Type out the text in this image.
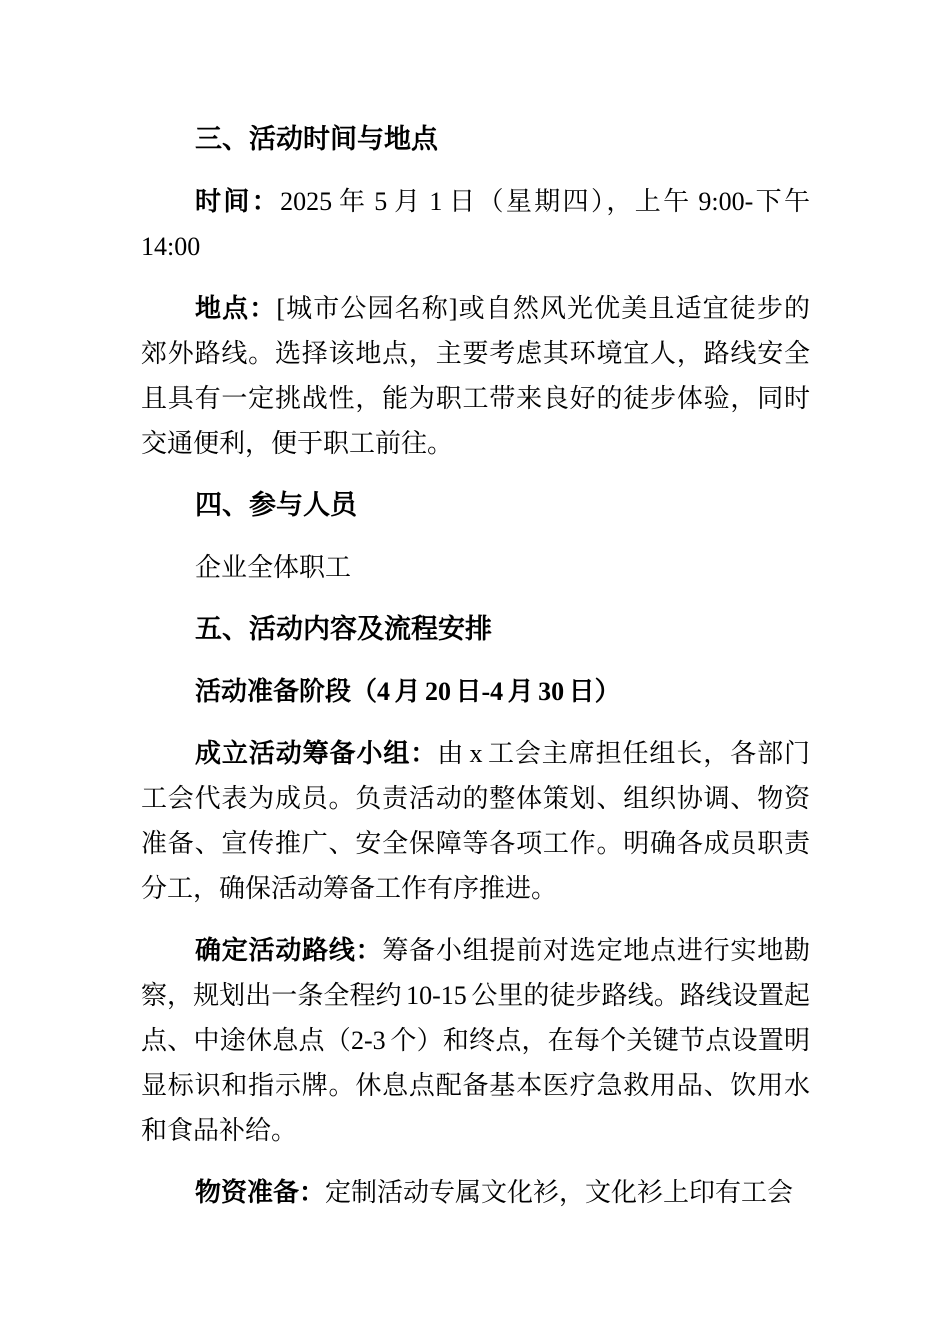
三、活动时间与地点

时间：2025 年 5 月 1 日（星期四），上午 9:00-下午 14:00

地点：[城市公园名称]或自然风光优美且适宜徒步的郊外路线。选择该地点，主要考虑其环境宜人，路线安全且具有一定挑战性，能为职工带来良好的徒步体验，同时交通便利，便于职工前往。

四、参与人员

企业全体职工

五、活动内容及流程安排

活动准备阶段（4 月 20 日-4 月 30 日）

成立活动筹备小组：由 x 工会主席担任组长，各部门工会代表为成员。负责活动的整体策划、组织协调、物资准备、宣传推广、安全保障等各项工作。明确各成员职责分工，确保活动筹备工作有序推进。

确定活动路线：筹备小组提前对选定地点进行实地勘察，规划出一条全程约 10-15 公里的徒步路线。路线设置起点、中途休息点（2-3 个）和终点，在每个关键节点设置明显标识和指示牌。休息点配备基本医疗急救用品、饮用水和食品补给。

物资准备：定制活动专属文化衫，文化衫上印有工会
